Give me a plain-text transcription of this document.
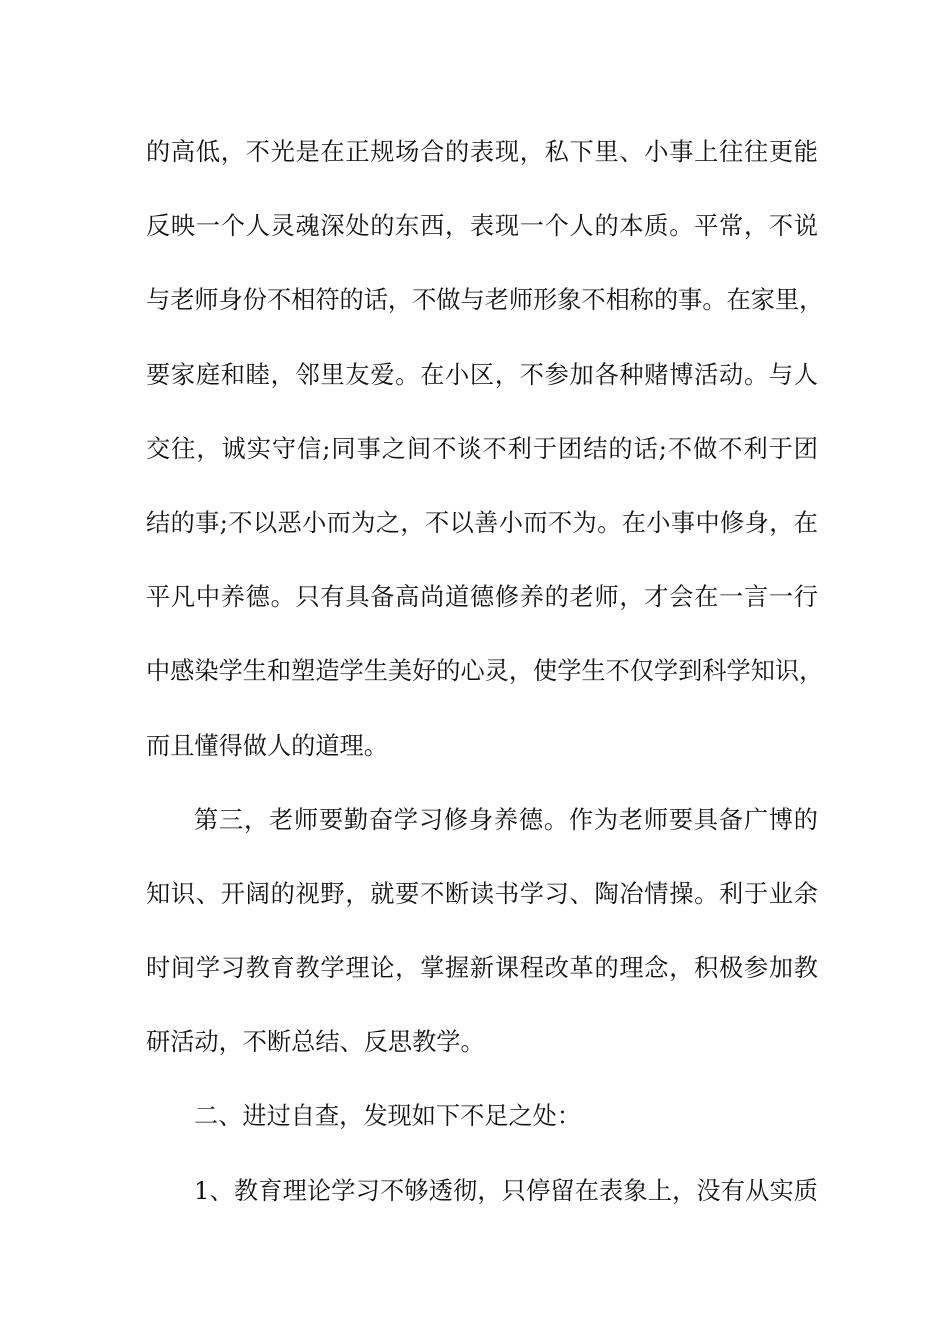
的高低，不光是在正规场合的表现，私下里、小事上往往更能
反映一个人灵魂深处的东西，表现一个人的本质。平常，不说
与老师身份不相符的话，不做与老师形象不相称的事。在家里，
要家庭和睦，邻里友爱。在小区，不参加各种赌博活动。与人
交往，诚实守信;同事之间不谈不利于团结的话;不做不利于团
结的事;不以恶小而为之，不以善小而不为。在小事中修身，在
平凡中养德。只有具备高尚道德修养的老师，才会在一言一行
中感染学生和塑造学生美好的心灵，使学生不仅学到科学知识，
而且懂得做人的道理。
第三，老师要勤奋学习修身养德。作为老师要具备广博的
知识、开阔的视野，就要不断读书学习、陶冶情操。利于业余
时间学习教育教学理论，掌握新课程改革的理念，积极参加教
研活动，不断总结、反思教学。
二、进过自查，发现如下不足之处：
1、教育理论学习不够透彻，只停留在表象上，没有从实质
